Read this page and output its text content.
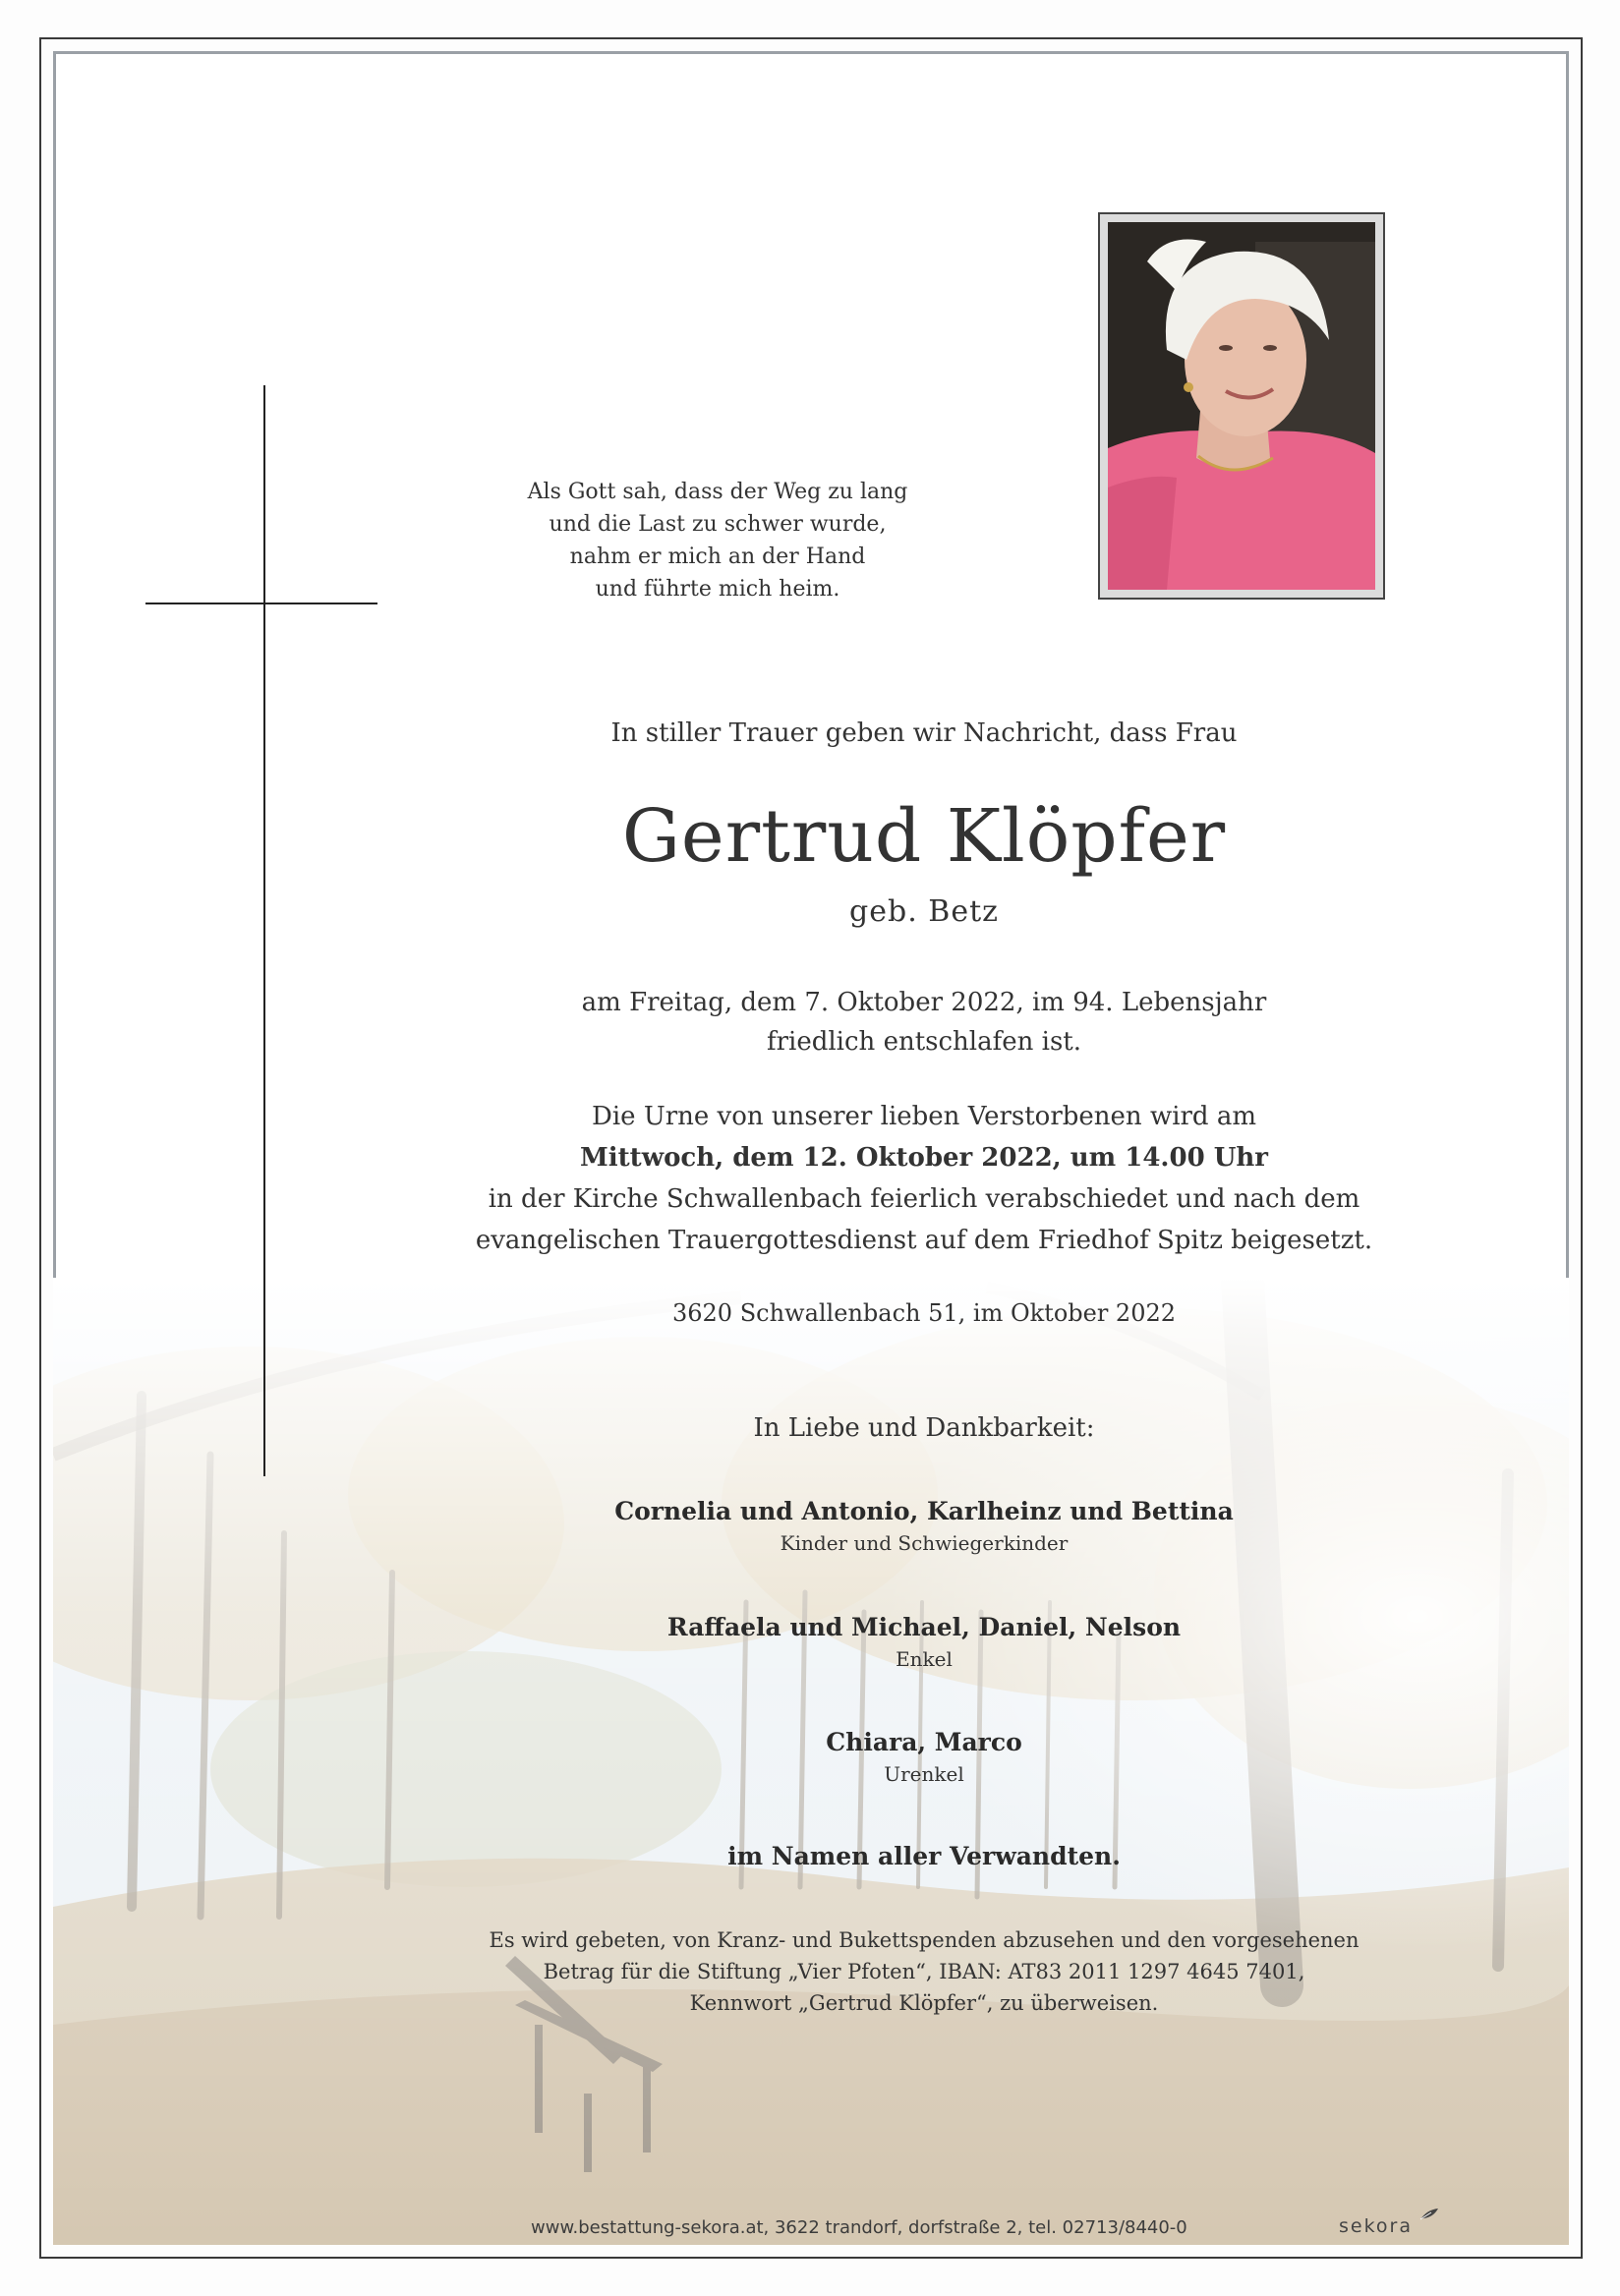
Als Gott sah, dass der Weg zu lang
und die Last zu schwer wurde,
nahm er mich an der Hand
und führte mich heim.
In stiller Trauer geben wir Nachricht, dass Frau
Gertrud Klöpfer
geb. Betz
am Freitag, dem 7. Oktober 2022, im 94. Lebensjahr
friedlich entschlafen ist.
Die Urne von unserer lieben Verstorbenen wird am
Mittwoch, dem 12. Oktober 2022, um 14.00 Uhr
in der Kirche Schwallenbach feierlich verabschiedet und nach dem
evangelischen Trauergottesdienst auf dem Friedhof Spitz beigesetzt.
3620 Schwallenbach 51, im Oktober 2022
In Liebe und Dankbarkeit:
Cornelia und Antonio, Karlheinz und Bettina
Kinder und Schwiegerkinder
Raffaela und Michael, Daniel, Nelson
Enkel
Chiara, Marco
Urenkel
im Namen aller Verwandten.
Es wird gebeten, von Kranz- und Bukettspenden abzusehen und den vorgesehenen
Betrag für die Stiftung „Vier Pfoten“, IBAN: AT83 2011 1297 4645 7401,
Kennwort „Gertrud Klöpfer“, zu überweisen.
www.bestattung-sekora.at, 3622 trandorf, dorfstraße 2, tel. 02713/8440-0	sekora
